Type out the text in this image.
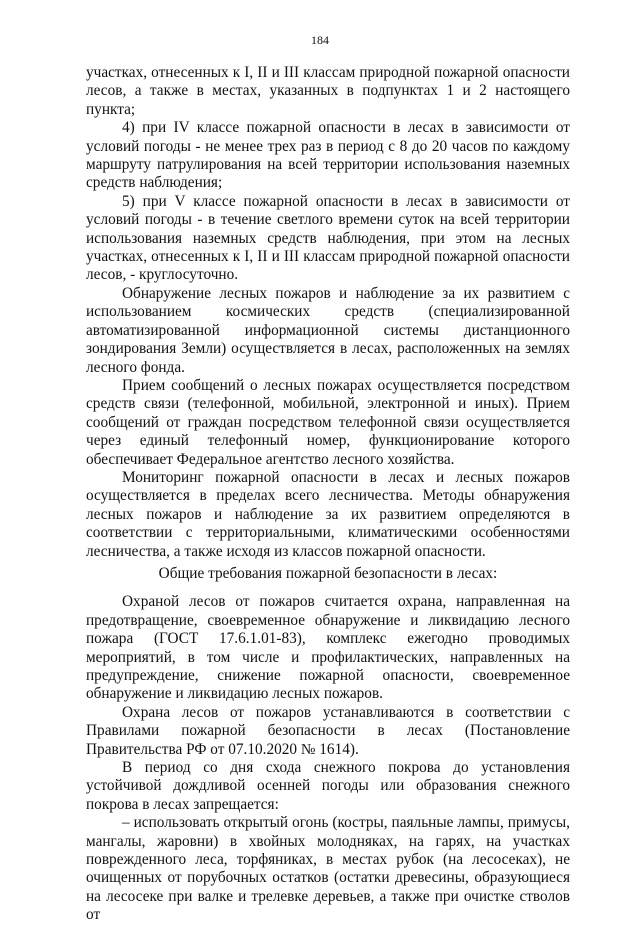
184

участках, отнесенных к I, II и III классам природной пожарной опасности лесов, а также в местах, указанных в подпунктах 1 и 2 настоящего пункта;

4) при IV классе пожарной опасности в лесах в зависимости от условий погоды - не менее трех раз в период с 8 до 20 часов по каждому маршруту патрулирования на всей территории использования наземных средств наблюдения;

5) при V классе пожарной опасности в лесах в зависимости от условий погоды - в течение светлого времени суток на всей территории использования наземных средств наблюдения, при этом на лесных участках, отнесенных к I, II и III классам природной пожарной опасности лесов, - круглосуточно.

Обнаружение лесных пожаров и наблюдение за их развитием с использованием космических средств (специализированной автоматизированной информационной системы дистанционного зондирования Земли) осуществляется в лесах, расположенных на землях лесного фонда.

Прием сообщений о лесных пожарах осуществляется посредством средств связи (телефонной, мобильной, электронной и иных). Прием сообщений от граждан посредством телефонной связи осуществляется через единый телефонный номер, функционирование которого обеспечивает Федеральное агентство лесного хозяйства.

Мониторинг пожарной опасности в лесах и лесных пожаров осуществляется в пределах всего лесничества. Методы обнаружения лесных пожаров и наблюдение за их развитием определяются в соответствии с территориальными, климатическими особенностями лесничества, а также исходя из классов пожарной опасности.

Общие требования пожарной безопасности в лесах:

Охраной лесов от пожаров считается охрана, направленная на предотвращение, своевременное обнаружение и ликвидацию лесного пожара (ГОСТ 17.6.1.01-83), комплекс ежегодно проводимых мероприятий, в том числе и профилактических, направленных на предупреждение, снижение пожарной опасности, своевременное обнаружение и ликвидацию лесных пожаров.

Охрана лесов от пожаров устанавливаются в соответствии с Правилами пожарной безопасности в лесах (Постановление Правительства РФ от 07.10.2020 № 1614).

В период со дня схода снежного покрова до установления устойчивой дождливой осенней погоды или образования снежного покрова в лесах запрещается:

– использовать открытый огонь (костры, паяльные лампы, примусы, мангалы, жаровни) в хвойных молодняках, на гарях, на участках поврежденного леса, торфяниках, в местах рубок (на лесосеках), не очищенных от порубочных остатков (остатки древесины, образующиеся на лесосеке при валке и трелевке деревьев, а также при очистке стволов от
